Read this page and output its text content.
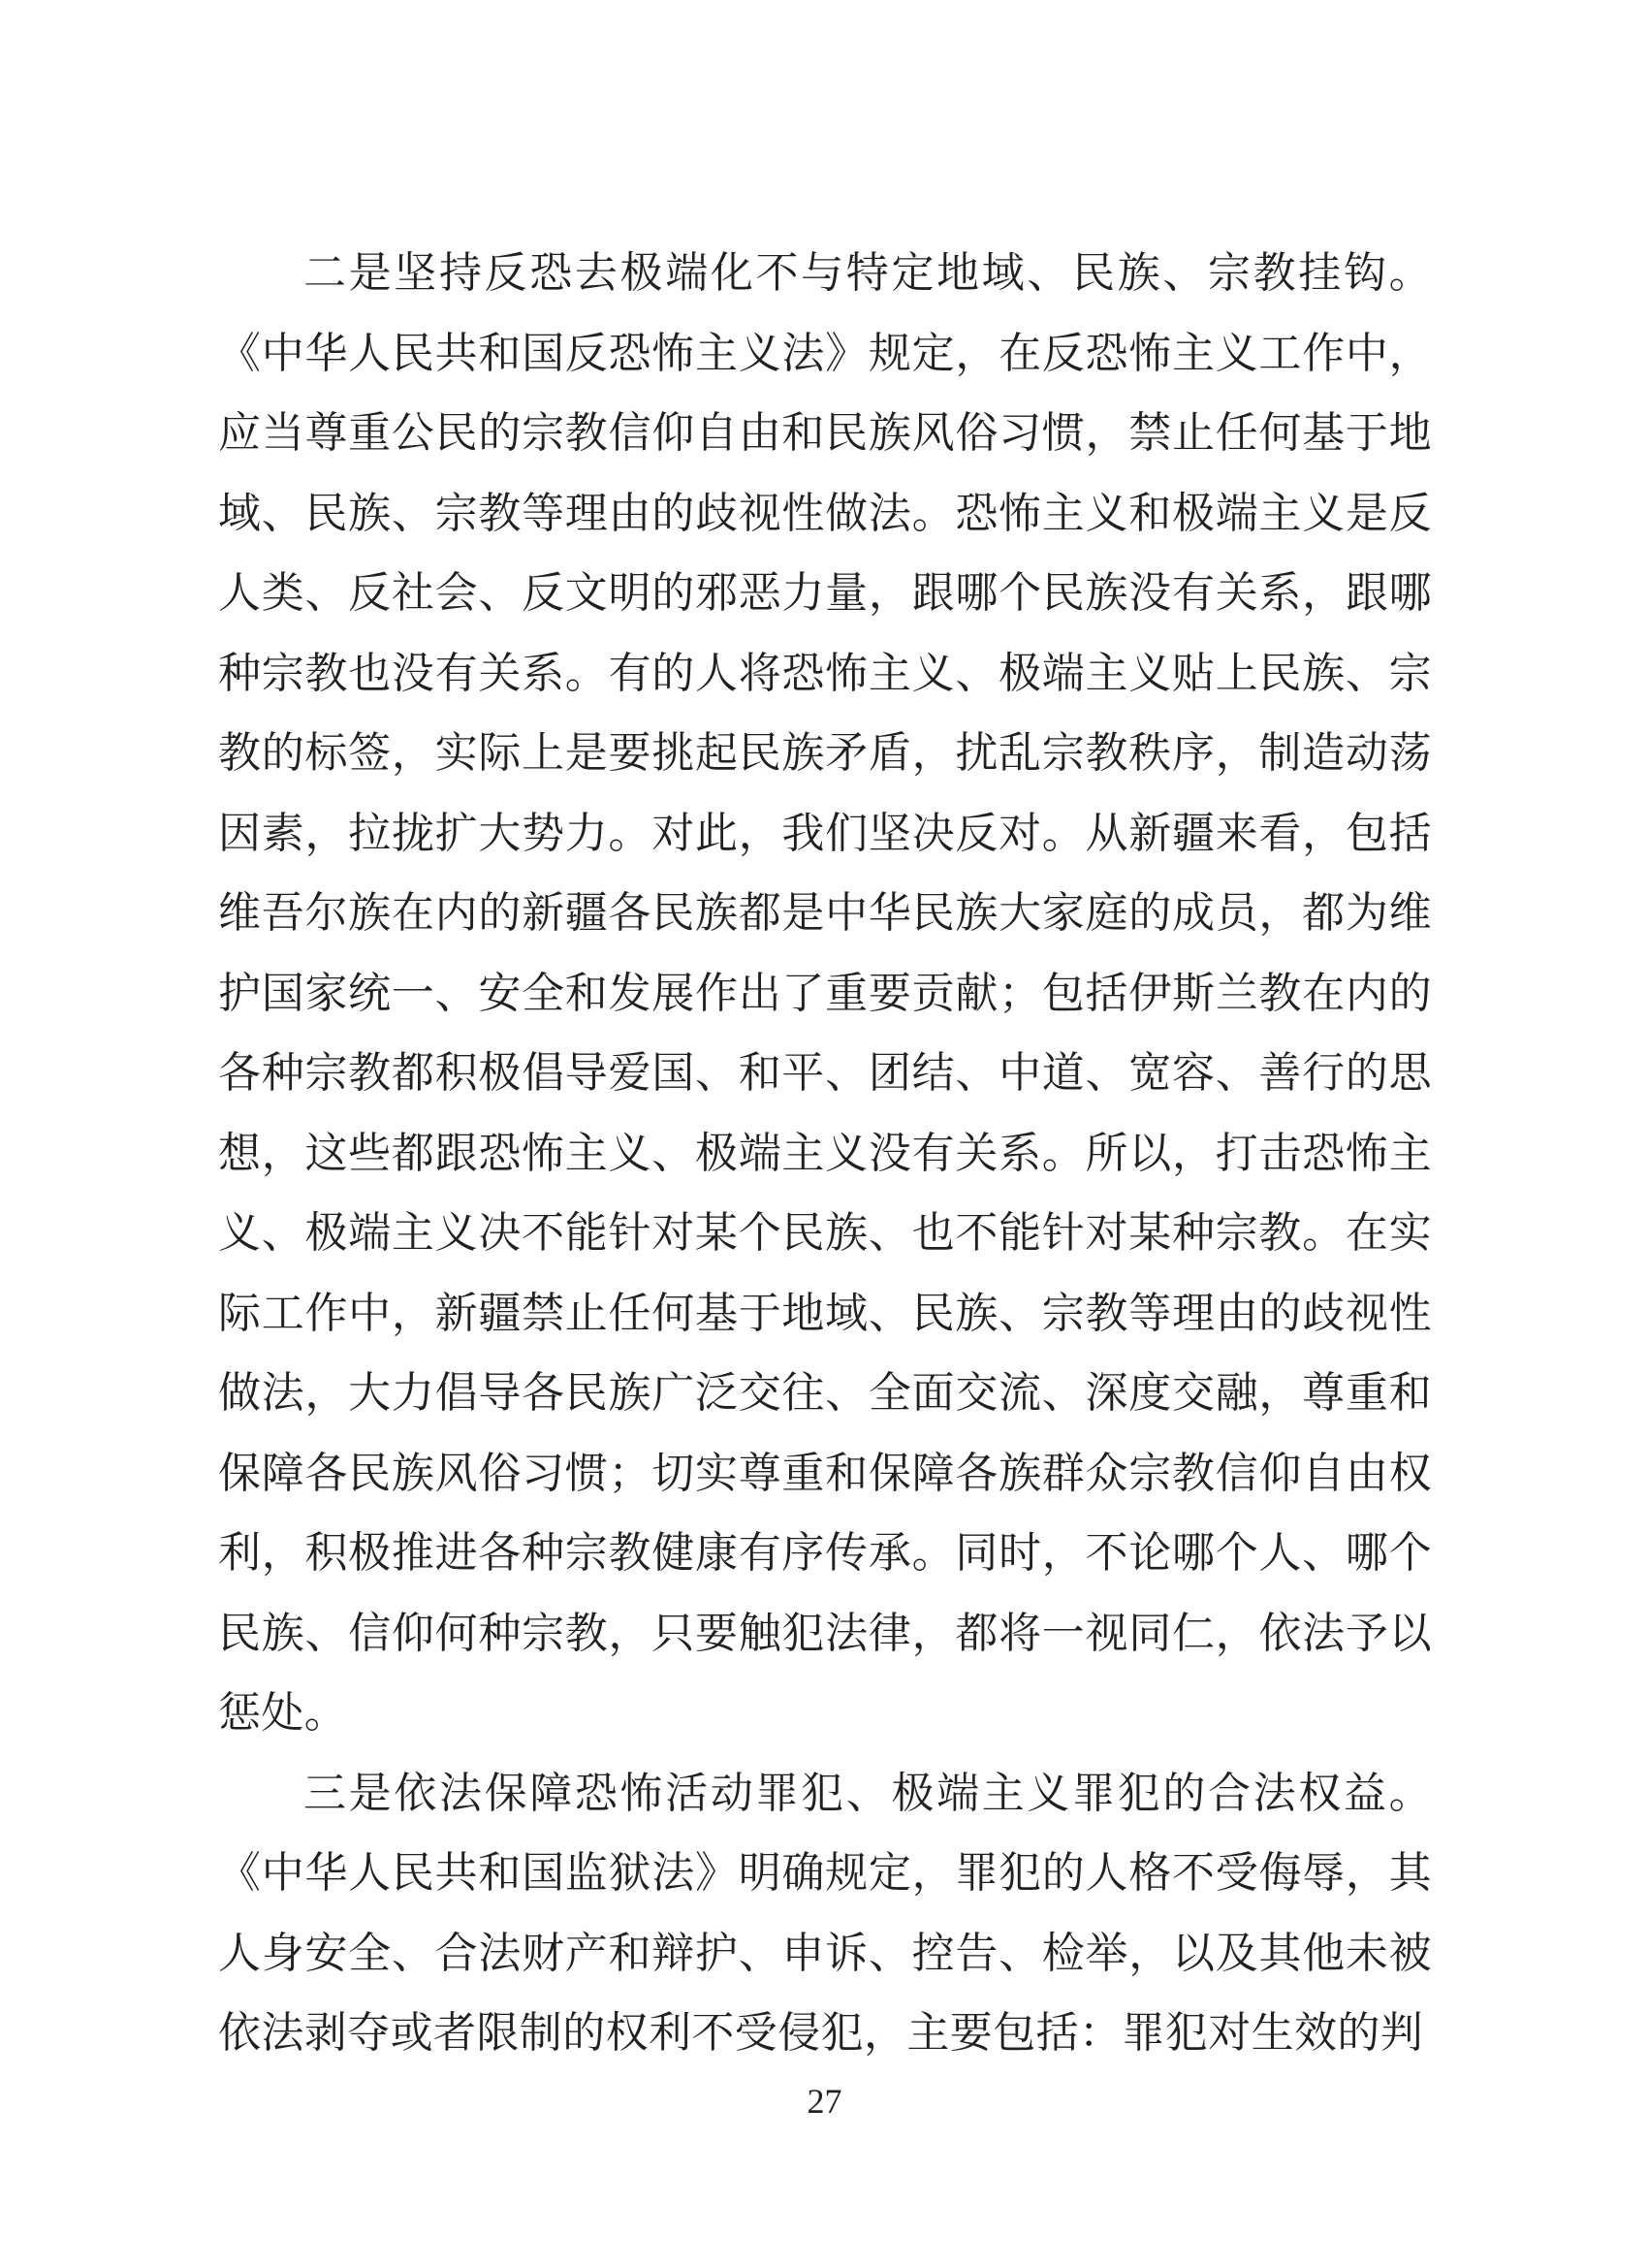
二是坚持反恐去极端化不与特定地域、民族、宗教挂钩。《中华人民共和国反恐怖主义法》规定，在反恐怖主义工作中，应当尊重公民的宗教信仰自由和民族风俗习惯，禁止任何基于地域、民族、宗教等理由的歧视性做法。恐怖主义和极端主义是反人类、反社会、反文明的邪恶力量，跟哪个民族没有关系，跟哪种宗教也没有关系。有的人将恐怖主义、极端主义贴上民族、宗教的标签，实际上是要挑起民族矛盾，扰乱宗教秩序，制造动荡因素，拉拢扩大势力。对此，我们坚决反对。从新疆来看，包括维吾尔族在内的新疆各民族都是中华民族大家庭的成员，都为维护国家统一、安全和发展作出了重要贡献；包括伊斯兰教在内的各种宗教都积极倡导爱国、和平、团结、中道、宽容、善行的思想，这些都跟恐怖主义、极端主义没有关系。所以，打击恐怖主义、极端主义决不能针对某个民族、也不能针对某种宗教。在实际工作中，新疆禁止任何基于地域、民族、宗教等理由的歧视性做法，大力倡导各民族广泛交往、全面交流、深度交融，尊重和保障各民族风俗习惯；切实尊重和保障各族群众宗教信仰自由权利，积极推进各种宗教健康有序传承。同时，不论哪个人、哪个民族、信仰何种宗教，只要触犯法律，都将一视同仁，依法予以惩处。

三是依法保障恐怖活动罪犯、极端主义罪犯的合法权益。《中华人民共和国监狱法》明确规定，罪犯的人格不受侮辱，其人身安全、合法财产和辩护、申诉、控告、检举，以及其他未被依法剥夺或者限制的权利不受侵犯，主要包括：罪犯对生效的判

27
